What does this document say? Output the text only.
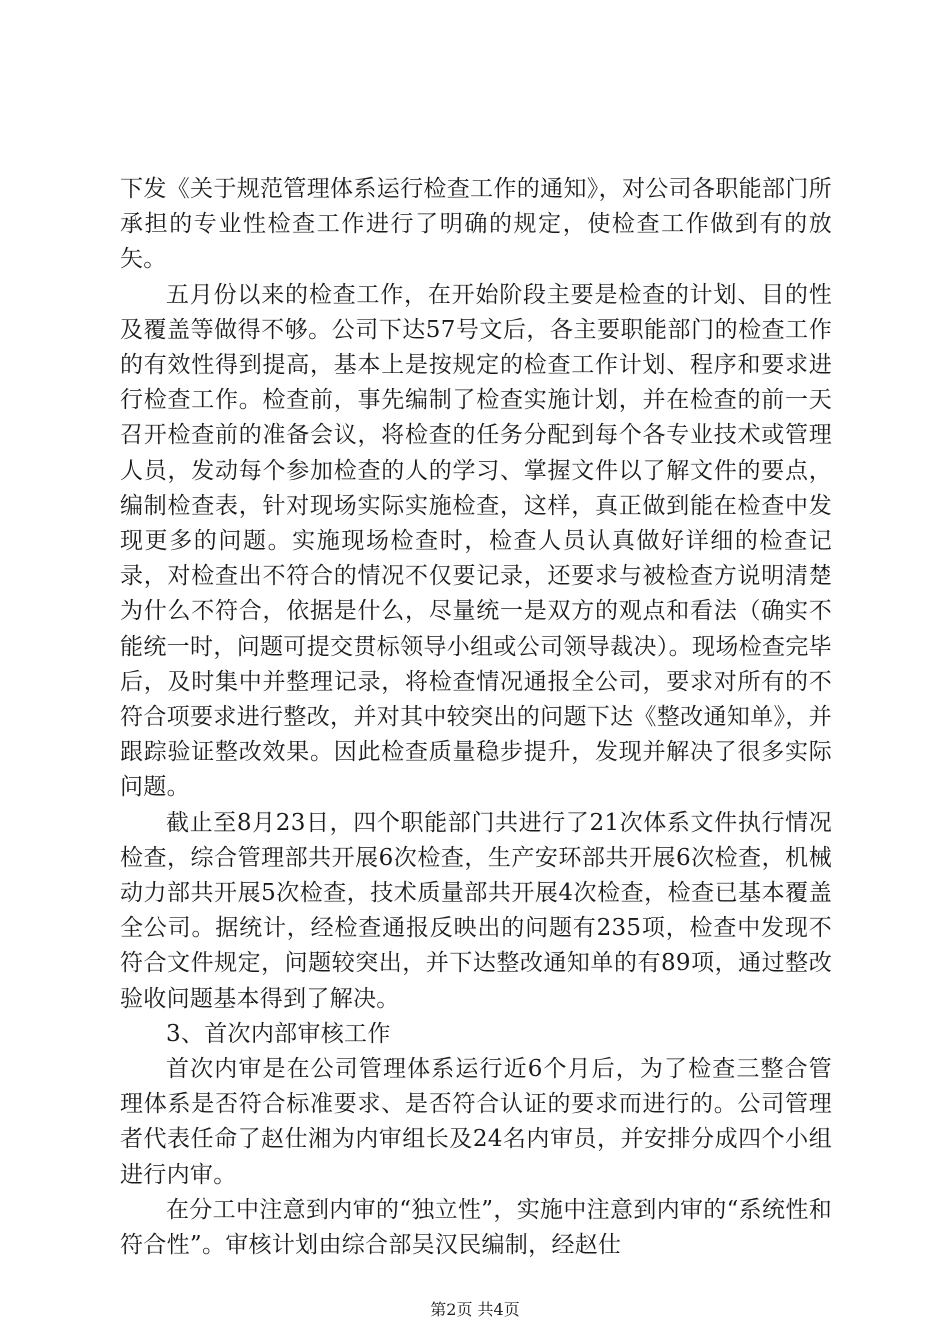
下发《关于规范管理体系运行检查工作的通知》，对公司各职能部门所承担的专业性检查工作进行了明确的规定，使检查工作做到有的放矢。

五月份以来的检查工作，在开始阶段主要是检查的计划、目的性及覆盖等做得不够。公司下达57号文后，各主要职能部门的检查工作的有效性得到提高，基本上是按规定的检查工作计划、程序和要求进行检查工作。检查前，事先编制了检查实施计划，并在检查的前一天召开检查前的准备会议，将检查的任务分配到每个各专业技术或管理人员，发动每个参加检查的人的学习、掌握文件以了解文件的要点，编制检查表，针对现场实际实施检查，这样，真正做到能在检查中发现更多的问题。实施现场检查时，检查人员认真做好详细的检查记录，对检查出不符合的情况不仅要记录，还要求与被检查方说明清楚为什么不符合，依据是什么，尽量统一是双方的观点和看法（确实不能统一时，问题可提交贯标领导小组或公司领导裁决）。现场检查完毕后，及时集中并整理记录，将检查情况通报全公司，要求对所有的不符合项要求进行整改，并对其中较突出的问题下达《整改通知单》，并跟踪验证整改效果。因此检查质量稳步提升，发现并解决了很多实际问题。

截止至8月23日，四个职能部门共进行了21次体系文件执行情况检查，综合管理部共开展6次检查，生产安环部共开展6次检查，机械动力部共开展5次检查，技术质量部共开展4次检查，检查已基本覆盖全公司。据统计，经检查通报反映出的问题有235项，检查中发现不符合文件规定，问题较突出，并下达整改通知单的有89项，通过整改验收问题基本得到了解决。

3、首次内部审核工作

首次内审是在公司管理体系运行近6个月后，为了检查三整合管理体系是否符合标准要求、是否符合认证的要求而进行的。公司管理者代表任命了赵仕湘为内审组长及24名内审员，并安排分成四个小组进行内审。

在分工中注意到内审的“独立性”，实施中注意到内审的“系统性和符合性”。审核计划由综合部吴汉民编制，经赵仕

第2页 共4页
